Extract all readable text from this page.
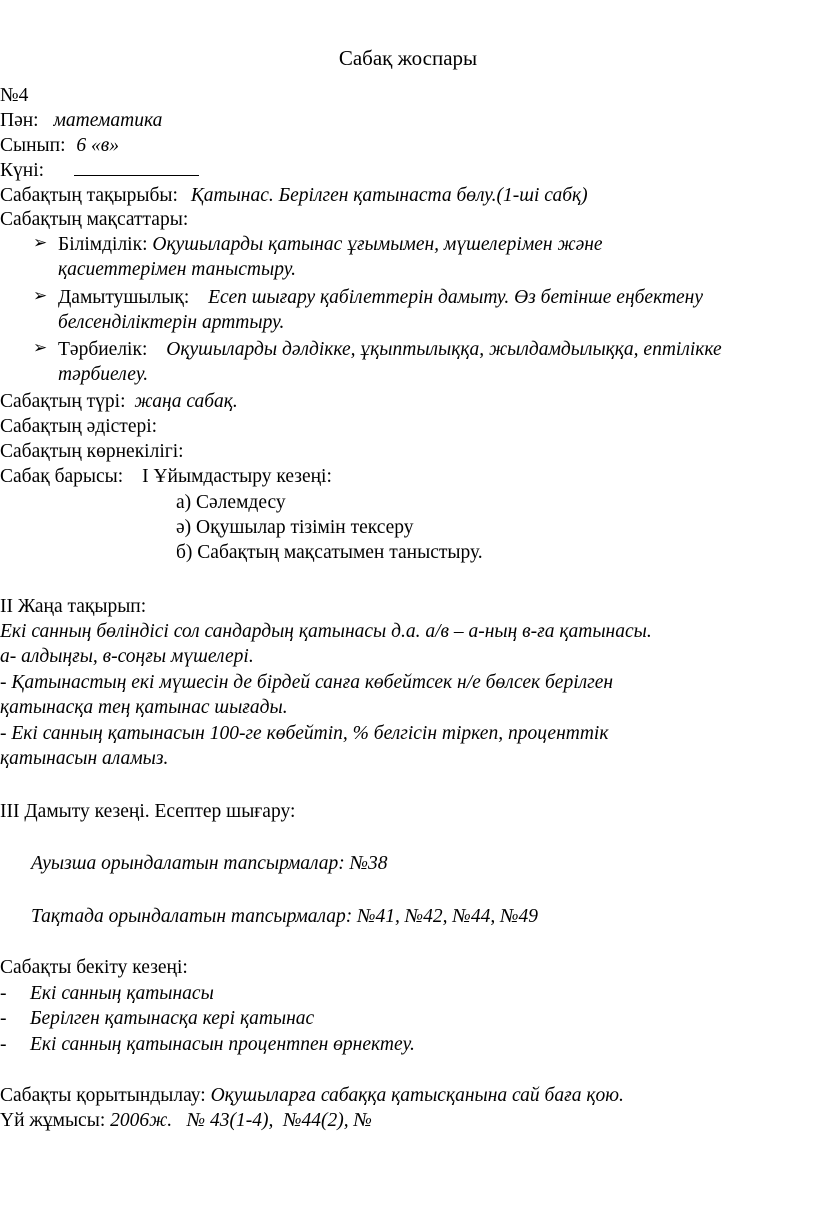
Сабақ жоспары
№4
Пән: математика
Сынып: 6 «в»
Күні:
Сабақтың тақырыбы: Қатынас. Берілген қатынаста бөлу.(1-ші сабқ)
Сабақтың мақсаттары:
➢ Білімділік: Оқушыларды қатынас ұғымымен, мүшелерімен және
қасиеттерімен таныстыру.
➢ Дамытушылық: Есеп шығару қабілеттерін дамыту. Өз бетінше еңбектену
белсенділіктерін арттыру.
➢ Тәрбиелік: Оқушыларды дәлдікке, ұқыптылыққа, жылдамдылыққа, ептілікке
тәрбиелеу.
Сабақтың түрі: жаңа сабақ.
Сабақтың әдістері:
Сабақтың көрнекілігі:
Сабақ барысы: I Ұйымдастыру кезеңі:
а) Сәлемдесу
ә) Оқушылар тізімін тексеру
б) Сабақтың мақсатымен таныстыру.
II Жаңа тақырып:
Екі санның бөліндісі сол сандардың қатынасы д.а. а/в – а-ның в-ға қатынасы.
а- алдыңғы, в-соңғы мүшелері.
- Қатынастың екі мүшесін де бірдей санға көбейтсек н/е бөлсек берілген
қатынасқа тең қатынас шығады.
- Екі санның қатынасын 100-ге көбейтіп, % белгісін тіркеп, проценттік
қатынасын аламыз.
III Дамыту кезеңі. Есептер шығару:
Ауызша орындалатын тапсырмалар: №38
Тақтада орындалатын тапсырмалар: №41, №42, №44, №49
Сабақты бекіту кезеңі:
- Екі санның қатынасы
- Берілген қатынасқа кері қатынас
- Екі санның қатынасын процентпен өрнектеу.
Сабақты қорытындылау: Оқушыларға сабаққа қатысқанына сай баға қою.
Үй жұмысы: 2006ж.   № 43(1-4),  №44(2), №
